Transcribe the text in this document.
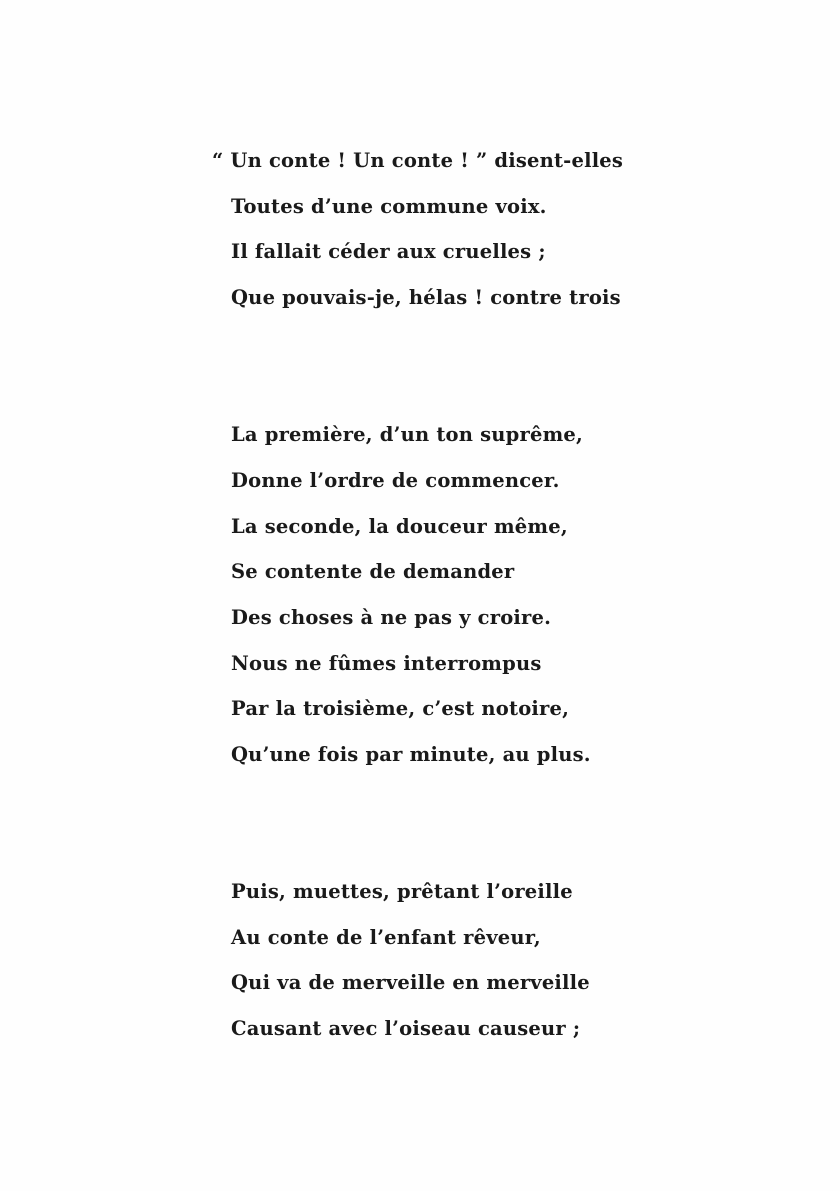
“ Un conte ! Un conte ! ” disent-elles
Toutes d’une commune voix.
Il fallait céder aux cruelles ;
Que pouvais-je, hélas ! contre trois
La première, d’un ton suprême,
Donne l’ordre de commencer.
La seconde, la douceur même,
Se contente de demander
Des choses à ne pas y croire.
Nous ne fûmes interrompus
Par la troisième, c’est notoire,
Qu’une fois par minute, au plus.
Puis, muettes, prêtant l’oreille
Au conte de l’enfant rêveur,
Qui va de merveille en merveille
Causant avec l’oiseau causeur ;
